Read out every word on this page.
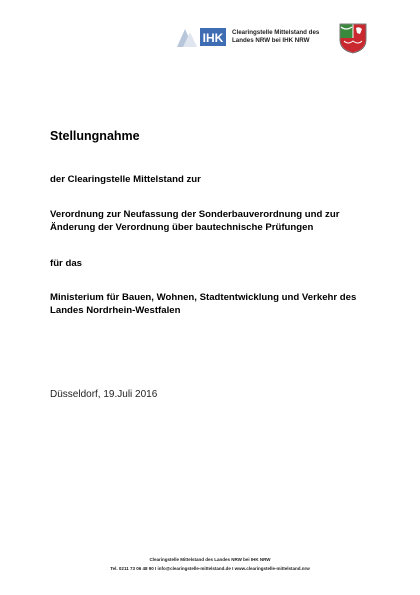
IHK Clearingstelle Mittelstand des
Landes NRW bei IHK NRW
Stellungnahme
der Clearingstelle Mittelstand zur
Verordnung zur Neufassung der Sonderbauverordnung und zur
Änderung der Verordnung über bautechnische Prüfungen
für das
Ministerium für Bauen, Wohnen, Stadtentwicklung und Verkehr des
Landes Nordrhein-Westfalen
Düsseldorf, 19.Juli 2016
Clearingstelle Mittelstand des Landes NRW bei IHK NRW
Tel. 0211 73 06 48 90 I info@clearingstelle-mittelstand.de I www.clearingstelle-mittelstand.nrw
